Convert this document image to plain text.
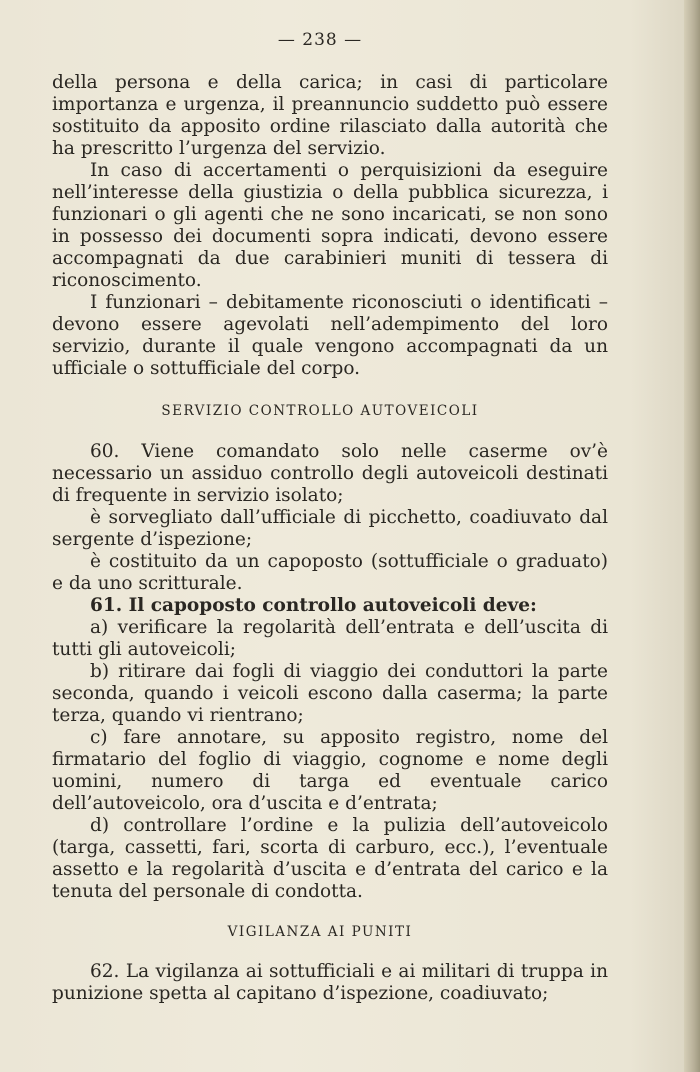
— 238 —

della persona e della carica; in casi di particolare importanza e urgenza, il preannuncio suddetto può essere sostituito da apposito ordine rilasciato dalla autorità che ha prescritto l’urgenza del servizio.

In caso di accertamenti o perquisizioni da eseguire nell’interesse della giustizia o della pubblica sicurezza, i funzionari o gli agenti che ne sono incaricati, se non sono in possesso dei documenti sopra indicati, devono essere accompagnati da due carabinieri muniti di tessera di riconoscimento.

I funzionari – debitamente riconosciuti o identificati – devono essere agevolati nell’adempimento del loro servizio, durante il quale vengono accompagnati da un ufficiale o sottufficiale del corpo.

SERVIZIO CONTROLLO AUTOVEICOLI

60. Viene comandato solo nelle caserme ov’è necessario un assiduo controllo degli autoveicoli destinati di frequente in servizio isolato;

è sorvegliato dall’ufficiale di picchetto, coadiuvato dal sergente d’ispezione;

è costituito da un capoposto (sottufficiale o graduato) e da uno scritturale.

61. Il capoposto controllo autoveicoli deve:

a) verificare la regolarità dell’entrata e dell’uscita di tutti gli autoveicoli;

b) ritirare dai fogli di viaggio dei conduttori la parte seconda, quando i veicoli escono dalla caserma; la parte terza, quando vi rientrano;

c) fare annotare, su apposito registro, nome del firmatario del foglio di viaggio, cognome e nome degli uomini, numero di targa ed eventuale carico dell’autoveicolo, ora d’uscita e d’entrata;

d) controllare l’ordine e la pulizia dell’autoveicolo (targa, cassetti, fari, scorta di carburo, ecc.), l’eventuale assetto e la regolarità d’uscita e d’entrata del carico e la tenuta del personale di condotta.

VIGILANZA AI PUNITI

62. La vigilanza ai sottufficiali e ai militari di truppa in punizione spetta al capitano d’ispezione, coadiuvato;
